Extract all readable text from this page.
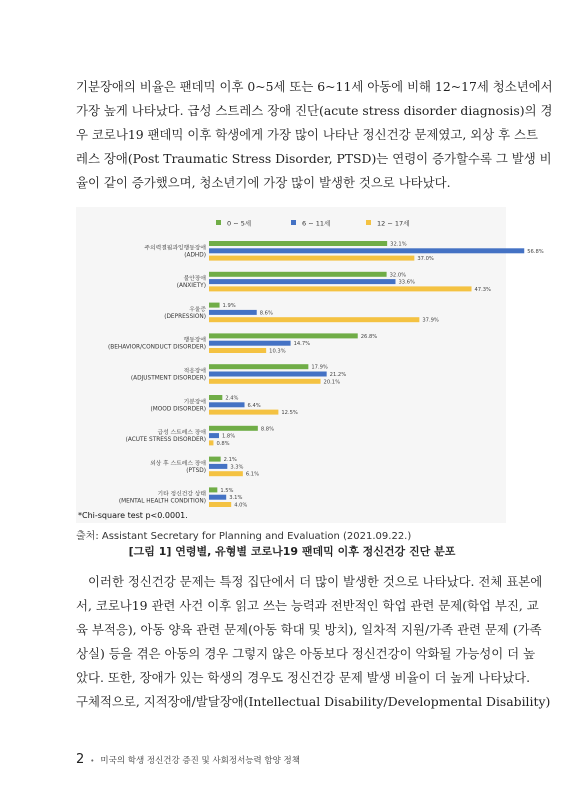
기분장애의 비율은 팬데믹 이후 0~5세 또는 6~11세 아동에 비해 12~17세 청소년에서
가장 높게 나타났다. 급성 스트레스 장애 진단(acute stress disorder diagnosis)의 경
우 코로나19 팬데믹 이후 학생에게 가장 많이 나타난 정신건강 문제였고, 외상 후 스트
레스 장애(Post Traumatic Stress Disorder, PTSD)는 연령이 증가할수록 그 발생 비
율이 같이 증가했으며, 청소년기에 가장 많이 발생한 것으로 나타났다.

0 ~ 5세	6 ~ 11세	12 ~ 17세
주의력결핍과잉행동장애
(ADHD)
32.1%
56.8%
37.0%
불안장애
(ANXIETY)
32.0%
33.6%
47.3%
우울증
(DEPRESSION)
1.9%
8.6%
37.9%
행동장애
(BEHAVIOR/CONDUCT DISORDER)
26.8%
14.7%
10.3%
적응장애
(ADJUSTMENT DISORDER)
17.9%
21.2%
20.1%
기분장애
(MOOD DISORDER)
2.4%
6.4%
12.5%
급성 스트레스 장애
(ACUTE STRESS DISORDER)
8.8%
1.8%
0.8%
외상 후 스트레스 장애
(PTSD)
2.1%
3.3%
6.1%
기타 정신건강 상태
(MENTAL HEALTH CONDITION)
1.5%
3.1%
4.0%
*Chi-square test p<0.0001.
출처: Assistant Secretary for Planning and Evaluation (2021.09.22.)
[그림 1] 연령별, 유형별 코로나19 팬데믹 이후 정신건강 진단 분포

이러한 정신건강 문제는 특정 집단에서 더 많이 발생한 것으로 나타났다. 전체 표본에
서, 코로나19 관련 사건 이후 읽고 쓰는 능력과 전반적인 학업 관련 문제(학업 부진, 교
육 부적응), 아동 양육 관련 문제(아동 학대 및 방치), 일차적 지원/가족 관련 문제 (가족
상실) 등을 겪은 아동의 경우 그렇지 않은 아동보다 정신건강이 악화될 가능성이 더 높
았다. 또한, 장애가 있는 학생의 경우도 정신건강 문제 발생 비율이 더 높게 나타났다.
구체적으로, 지적장애/발달장애(Intellectual Disability/Developmental Disability)

2 • 미국의 학생 정신건강 증진 및 사회정서능력 함양 정책
